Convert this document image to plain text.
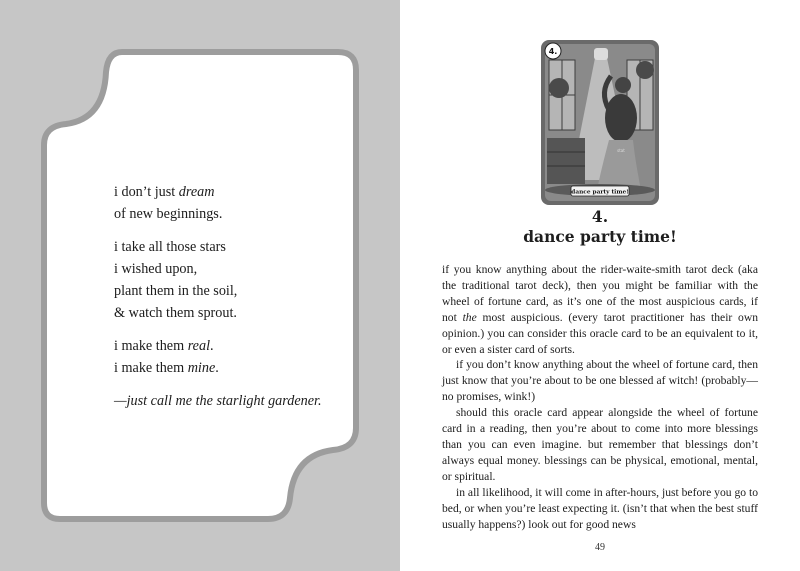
i don’t just dream
of new beginnings.
i take all those stars
i wished upon,
plant them in the soil,
& watch them sprout.
i make them real.
i make them mine.
—just call me the starlight gardener.
4.
stat
dance party time!
4.
dance party time!

if you know anything about the rider-waite-smith tarot deck (aka the traditional tarot deck), then you might be familiar with the wheel of fortune card, as it’s one of the most auspicious cards, if not the most auspicious. (every tarot practitioner has their own opinion.) you can consider this oracle card to be an equivalent to it, or even a sister card of sorts.

if you don’t know anything about the wheel of fortune card, then just know that you’re about to be one blessed af witch! (probably—no promises, wink!)

should this oracle card appear alongside the wheel of fortune card in a reading, then you’re about to come into more blessings than you can even imagine. but remember that blessings don’t always equal money. blessings can be physical, emotional, mental, or spiritual.

in all likelihood, it will come in after-hours, just before you go to bed, or when you’re least expecting it. (isn’t that when the best stuff usually happens?) look out for good news

49
